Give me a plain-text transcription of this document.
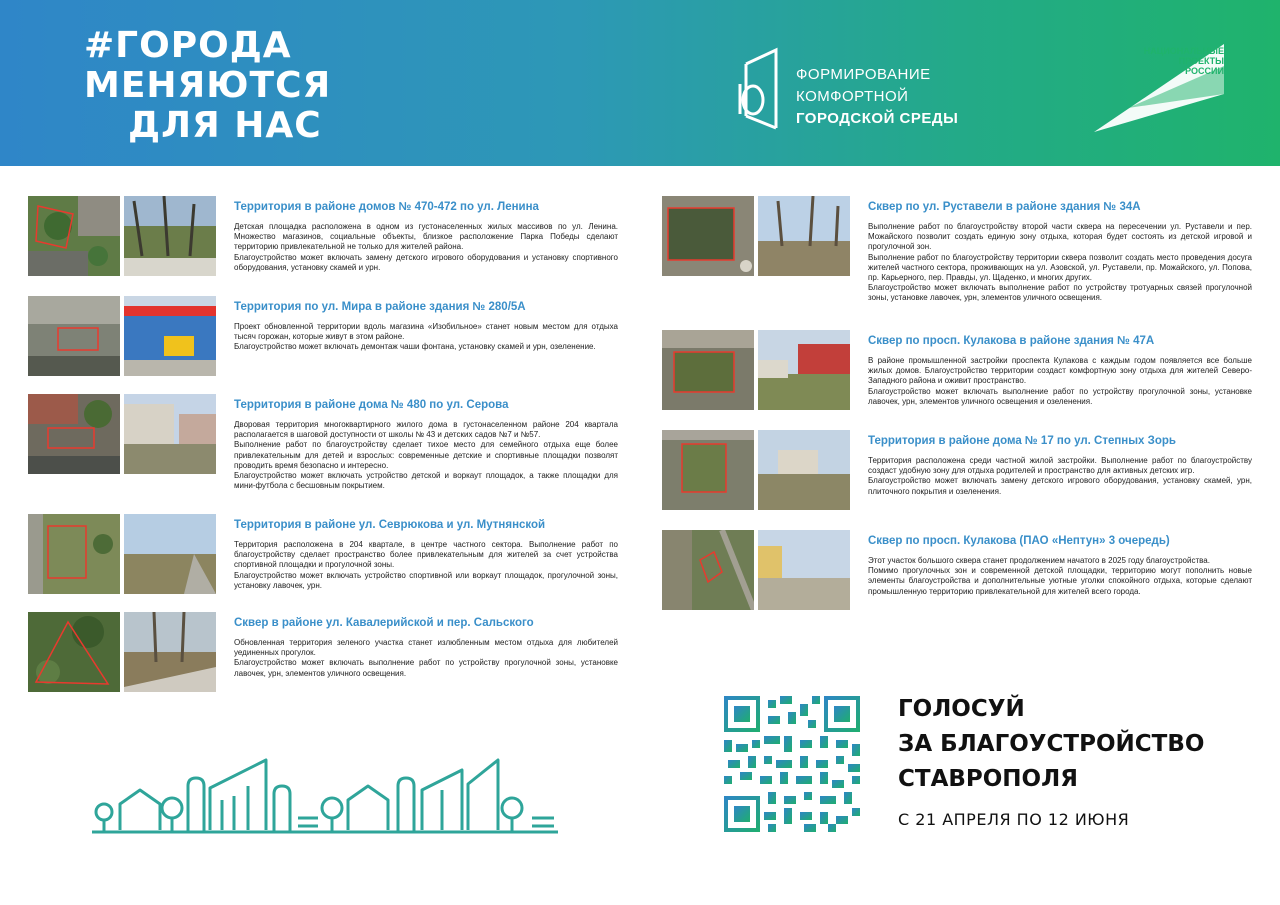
#ГОРОДА
МЕНЯЮТСЯ
ДЛЯ НАС
ФОРМИРОВАНИЕ
КОМФОРТНОЙ
ГОРОДСКОЙ СРЕДЫ
НАЦИОНАЛЬНЫЕ
ПРОЕКТЫ
РОССИИ
Территория в районе домов № 470-472 по ул. Ленина

Детская площадка расположена в одном из густонаселенных жилых массивов по ул. Ленина. Множество магазинов, социальные объекты, близкое расположение Парка Победы сделают территорию привлекательной не только для жителей района.

Благоустройство может включать замену детского игрового оборудования и установку спортивного оборудования, установку скамей и урн.

Территория по ул. Мира в районе здания № 280/5А

Проект обновленной территории вдоль магазина «Изобильное» станет новым местом для отдыха тысяч горожан, которые живут в этом районе.

Благоустройство может включать демонтаж чаши фонтана, установку скамей и урн, озеленение.

Территория в районе дома № 480 по ул. Серова

Дворовая территория многоквартирного жилого дома в густонаселенном районе 204 квартала располагается в шаговой доступности от школы № 43 и детских садов №7 и №57.

Выполнение работ по благоустройству сделает тихое место для семейного отдыха еще более привлекательным для детей и взрослых: современные детские и спортивные площадки позволят проводить время безопасно и интересно.

Благоустройство может включать устройство детской и воркаут площадок, а также площадки для мини-футбола с бесшовным покрытием.

Территория в районе ул. Севрюкова и ул. Мутнянской

Территория расположена в 204 квартале, в центре частного сектора. Выполнение работ по благоустройству сделает пространство более привлекательным для жителей за счет устройства спортивной площадки и прогулочной зоны.

Благоустройство может включать устройство спортивной или воркаут площадок, прогулочной зоны, установку лавочек, урн.

Сквер в районе ул. Кавалерийской и пер. Сальского

Обновленная территория зеленого участка станет излюбленным местом отдыха для любителей уединенных прогулок.

Благоустройство может включать выполнение работ по устройству прогулочной зоны, установке лавочек, урн, элементов уличного освещения.

Сквер по ул. Руставели в районе здания № 34А

Выполнение работ по благоустройству второй части сквера на пересечении ул. Руставели и пер. Можайского позволит создать единую зону отдыха, которая будет состоять из детской игровой и прогулочной зон.

Выполнение работ по благоустройству территории сквера позволит создать место проведения досуга жителей частного сектора, проживающих на ул. Азовской, ул. Руставели, пр. Можайского, ул. Попова, пр. Карьерного, пер. Правды, ул. Щаденко, и многих других.

Благоустройство может включать выполнение работ по устройству тротуарных связей прогулочной зоны, установке лавочек, урн, элементов уличного освещения.

Сквер по просп. Кулакова в районе здания № 47А

В районе промышленной застройки проспекта Кулакова с каждым годом появляется все больше жилых домов. Благоустройство территории создаст комфортную зону отдыха для жителей Северо-Западного района и оживит пространство.

Благоустройство может включать выполнение работ по устройству прогулочной зоны, установке лавочек, урн, элементов уличного освещения и озеленения.

Территория в районе дома № 17 по ул. Степных Зорь

Территория расположена среди частной жилой застройки. Выполнение работ по благоустройству создаст удобную зону для отдыха родителей и пространство для активных детских игр.

Благоустройство может включать замену детского игрового оборудования, установку скамей, урн, плиточного покрытия и озеленения.

Сквер по просп. Кулакова (ПАО «Нептун» 3 очередь)

Этот участок большого сквера станет продолжением начатого в 2025 году благоустройства.

Помимо прогулочных зон и современной детской площадки, территорию могут пополнить новые элементы благоустройства и дополнительные уютные уголки спокойного отдыха, которые сделают промышленную территорию привлекательной для жителей всего города.

ГОЛОСУЙ
ЗА БЛАГОУСТРОЙСТВО
СТАВРОПОЛЯ
С 21 АПРЕЛЯ ПО 12 ИЮНЯ
